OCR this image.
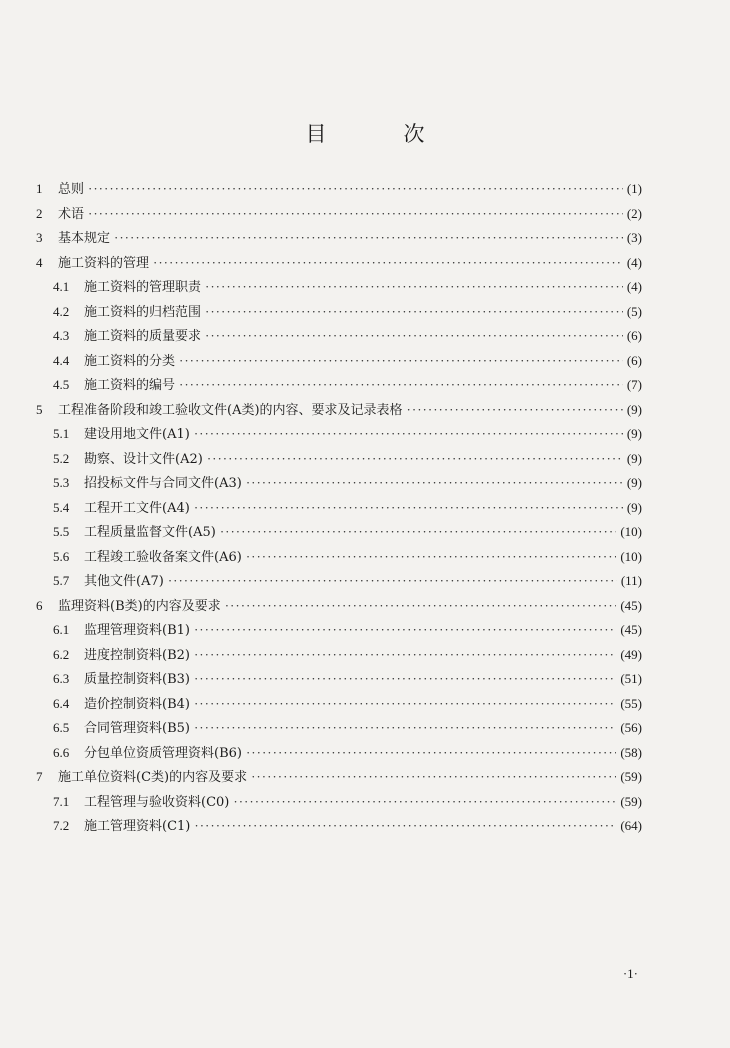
目　次
1	总则 ·····	(1)
2	术语 ·····	(2)
3	基本规定 ·····	(3)
4	施工资料的管理 ·····	(4)
4.1	施工资料的管理职责 ·····	(4)
4.2	施工资料的归档范围 ·····	(5)
4.3	施工资料的质量要求 ·····	(6)
4.4	施工资料的分类 ·····	(6)
4.5	施工资料的编号 ·····	(7)
5	工程准备阶段和竣工验收文件(A类)的内容、要求及记录表格 ·····	(9)
5.1	建设用地文件(A1) ·····	(9)
5.2	勘察、设计文件(A2) ·····	(9)
5.3	招投标文件与合同文件(A3) ·····	(9)
5.4	工程开工文件(A4) ·····	(9)
5.5	工程质量监督文件(A5) ·····	(10)
5.6	工程竣工验收备案文件(A6) ·····	(10)
5.7	其他文件(A7) ·····	(11)
6	监理资料(B类)的内容及要求 ·····	(45)
6.1	监理管理资料(B1) ·····	(45)
6.2	进度控制资料(B2) ·····	(49)
6.3	质量控制资料(B3) ·····	(51)
6.4	造价控制资料(B4) ·····	(55)
6.5	合同管理资料(B5) ·····	(56)
6.6	分包单位资质管理资料(B6) ·····	(58)
7	施工单位资料(C类)的内容及要求 ·····	(59)
7.1	工程管理与验收资料(C0) ·····	(59)
7.2	施工管理资料(C1) ·····	(64)
·1·
